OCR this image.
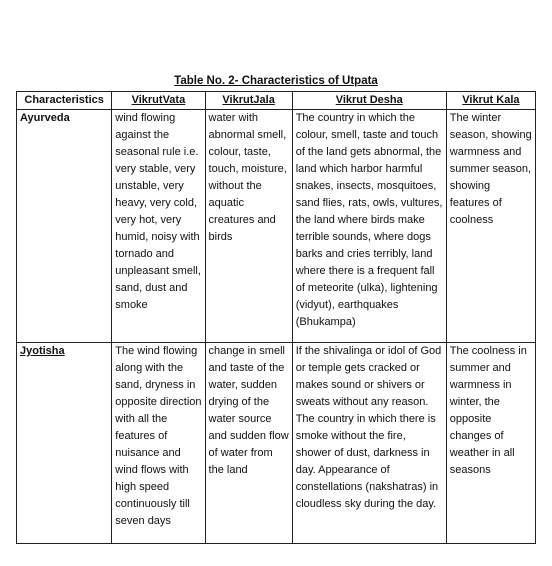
Table No. 2- Characteristics of Utpata
Characteristics	VikrutVata	VikrutJala	Vikrut Desha	Vikrut Kala
Ayurveda	wind flowing against the seasonal rule i.e. very stable, very unstable, very heavy, very cold, very hot, very humid, noisy with tornado and unpleasant smell, sand, dust and smoke	water with abnormal smell, colour, taste, touch, moisture, without the aquatic creatures and birds	The country in which the colour, smell, taste and touch of the land gets abnormal, the land which harbor harmful snakes, insects, mosquitoes, sand flies, rats, owls, vultures, the land where birds make terrible sounds, where dogs barks and cries terribly, land where there is a frequent fall of meteorite (ulka), lightening (vidyut), earthquakes (Bhukampa)	The winter season, showing warmness and summer season, showing features of coolness
Jyotisha	The wind flowing along with the sand, dryness in opposite direction with all the features of nuisance and wind flows with high speed continuously till seven days	change in smell and taste of the water, sudden drying of the water source and sudden flow of water from the land	If the shivalinga or idol of God or temple gets cracked or makes sound or shivers or sweats without any reason. The country in which there is smoke without the fire, shower of dust, darkness in day. Appearance of constellations (nakshatras) in cloudless sky during the day.	The coolness in summer and warmness in winter, the opposite changes of weather in all seasons
